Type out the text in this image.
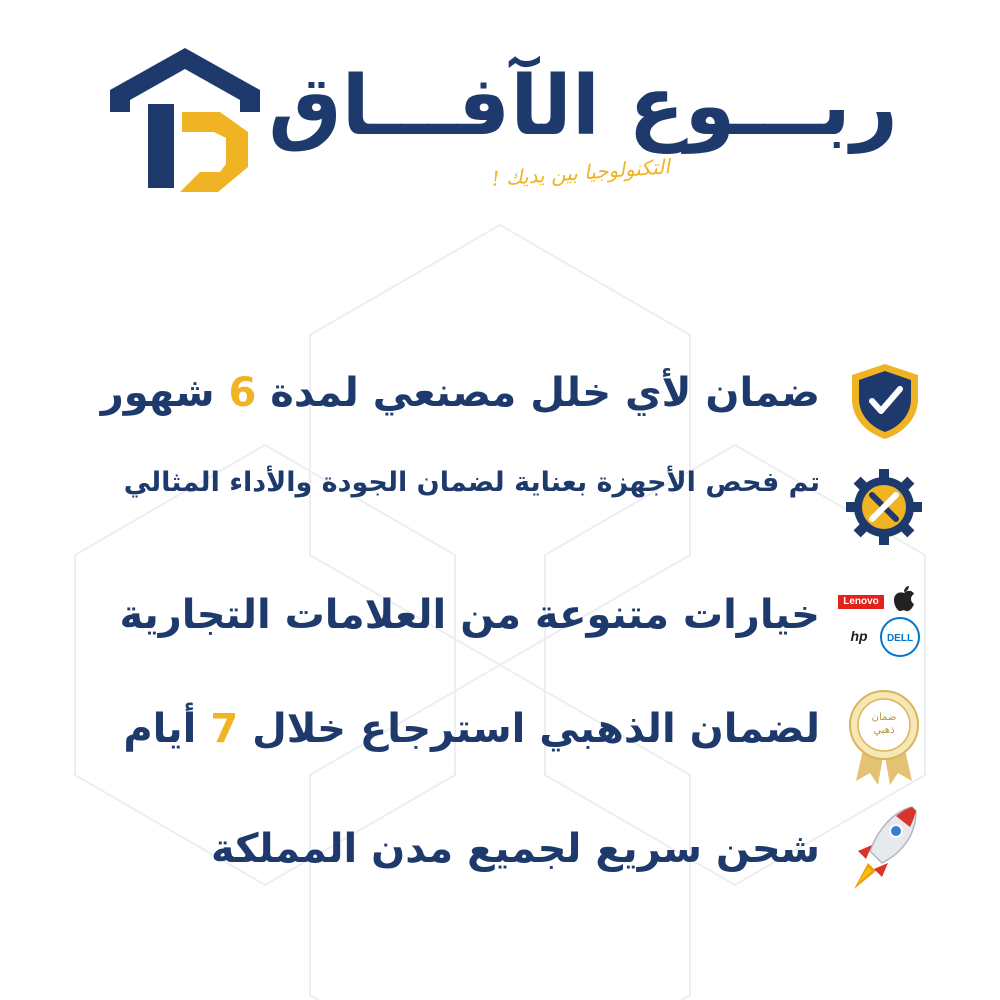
ربـــوع الآفـــاق
التكنولوجيا بين يديك !
ضمان لأي خلل مصنعي لمدة 6 شهور
تم فحص الأجهزة بعناية لضمان الجودة والأداء المثالي
خيارات متنوعة من العلامات التجارية	Lenovo
hp	DELL
لضمان الذهبي استرجاع خلال 7 أيام	ضمان ذهبي
شحن سريع لجميع مدن المملكة
